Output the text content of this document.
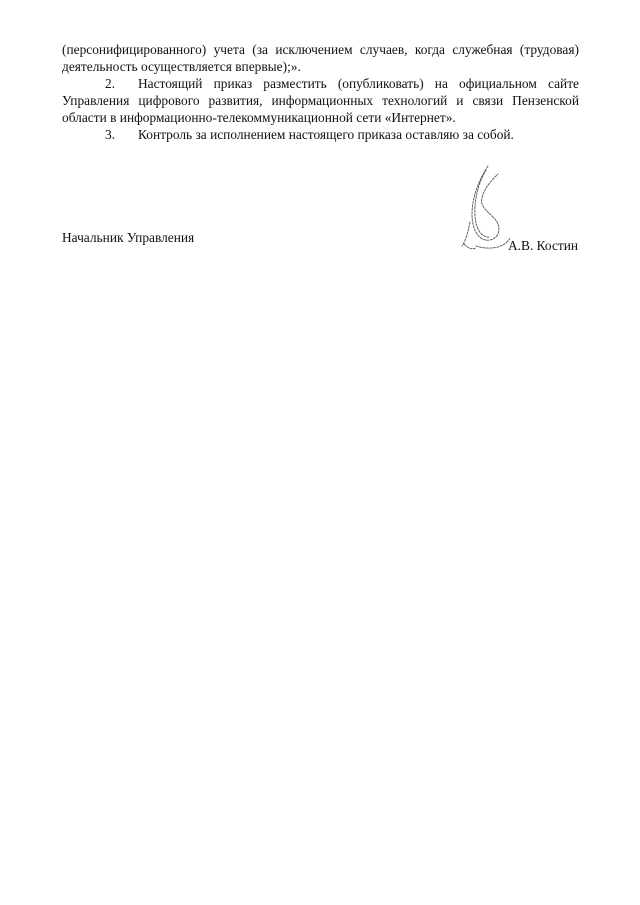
(персонифицированного) учета (за исключением случаев, когда служебная (трудовая) деятельность осуществляется впервые);».

2. Настоящий приказ разместить (опубликовать) на официальном сайте Управления цифрового развития, информационных технологий и связи Пензенской области в информационно-телекоммуникационной сети «Интернет».

3. Контроль за исполнением настоящего приказа оставляю за собой.

Начальник Управления
А.В. Костин
